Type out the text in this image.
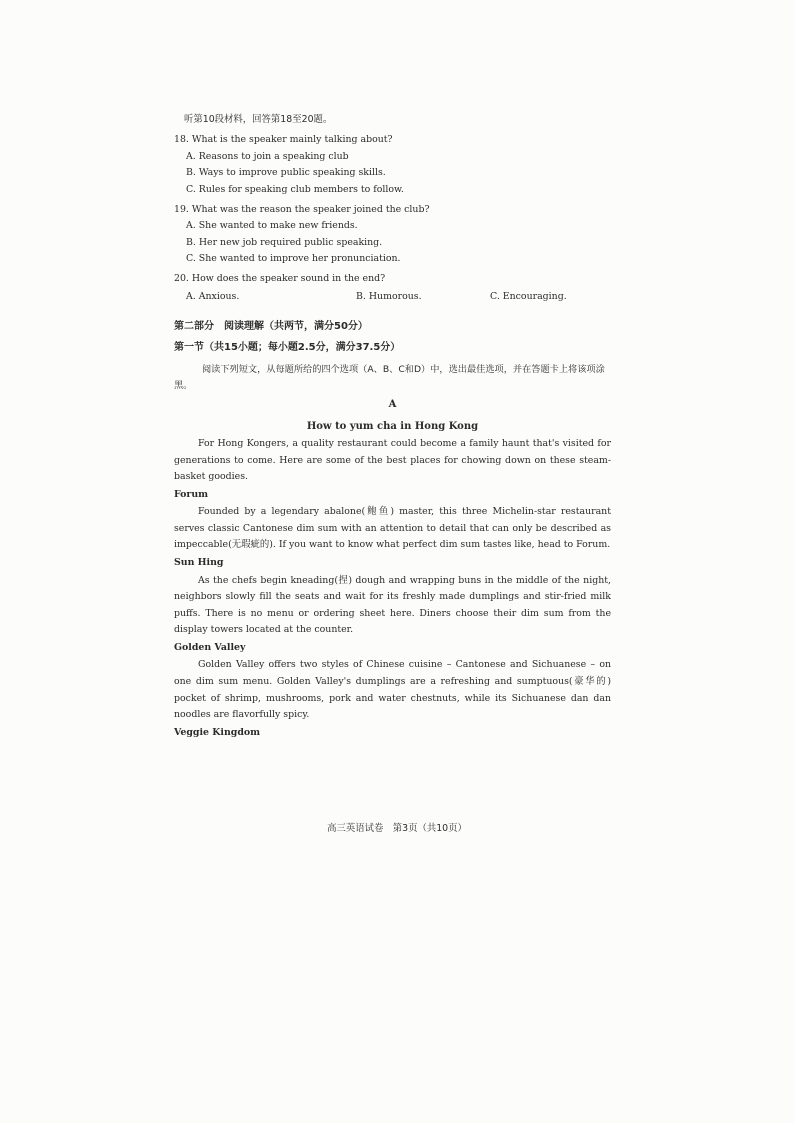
听第10段材料，回答第18至20题。
18. What is the speaker mainly talking about?
A. Reasons to join a speaking club
B. Ways to improve public speaking skills.
C. Rules for speaking club members to follow.
19. What was the reason the speaker joined the club?
A. She wanted to make new friends.
B. Her new job required public speaking.
C. She wanted to improve her pronunciation.
20. How does the speaker sound in the end?
A. Anxious.	B. Humorous.	C. Encouraging.
第二部分　阅读理解（共两节，满分50分）
第一节（共15小题；每小题2.5分，满分37.5分）
阅读下列短文，从每题所给的四个选项（A、B、C和D）中，选出最佳选项，并在答题卡上将该项涂黑。
A
How to yum cha in Hong Kong
For Hong Kongers, a quality restaurant could become a family haunt that's visited for generations to come. Here are some of the best places for chowing down on these steam-basket goodies.
Forum
Founded by a legendary abalone(鲍鱼) master, this three Michelin-star restaurant serves classic Cantonese dim sum with an attention to detail that can only be described as impeccable(无瑕疵的). If you want to know what perfect dim sum tastes like, head to Forum.
Sun Hing
As the chefs begin kneading(捏) dough and wrapping buns in the middle of the night, neighbors slowly fill the seats and wait for its freshly made dumplings and stir-fried milk puffs. There is no menu or ordering sheet here. Diners choose their dim sum from the display towers located at the counter.
Golden Valley
Golden Valley offers two styles of Chinese cuisine – Cantonese and Sichuanese – on one dim sum menu. Golden Valley's dumplings are a refreshing and sumptuous(豪华的) pocket of shrimp, mushrooms, pork and water chestnuts, while its Sichuanese dan dan noodles are flavorfully spicy.
Veggie Kingdom
高三英语试卷　第3页（共10页）
